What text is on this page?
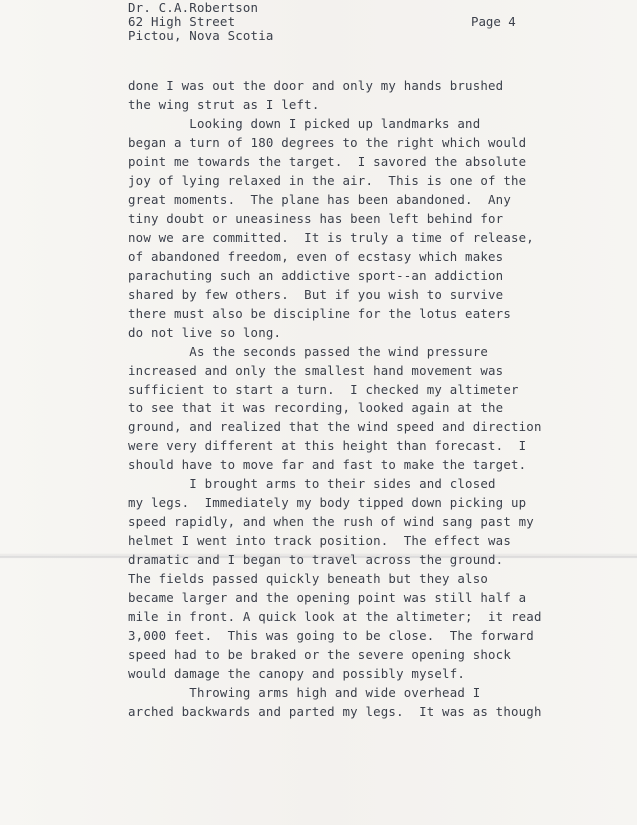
Dr. C.A.Robertson
62 High Street
Pictou, Nova Scotia
Page 4
done I was out the door and only my hands brushed
the wing strut as I left.
Looking down I picked up landmarks and
began a turn of 180 degrees to the right which would
point me towards the target.  I savored the absolute
joy of lying relaxed in the air.  This is one of the
great moments.  The plane has been abandoned.  Any
tiny doubt or uneasiness has been left behind for
now we are committed.  It is truly a time of release,
of abandoned freedom, even of ecstasy which makes
parachuting such an addictive sport--an addiction
shared by few others.  But if you wish to survive
there must also be discipline for the lotus eaters
do not live so long.
As the seconds passed the wind pressure
increased and only the smallest hand movement was
sufficient to start a turn.  I checked my altimeter
to see that it was recording, looked again at the
ground, and realized that the wind speed and direction
were very different at this height than forecast.  I
should have to move far and fast to make the target.
I brought arms to their sides and closed
my legs.  Immediately my body tipped down picking up
speed rapidly, and when the rush of wind sang past my
helmet I went into track position.  The effect was
dramatic and I began to travel across the ground.
The fields passed quickly beneath but they also
became larger and the opening point was still half a
mile in front. A quick look at the altimeter;  it read
3,000 feet.  This was going to be close.  The forward
speed had to be braked or the severe opening shock
would damage the canopy and possibly myself.
Throwing arms high and wide overhead I
arched backwards and parted my legs.  It was as though
